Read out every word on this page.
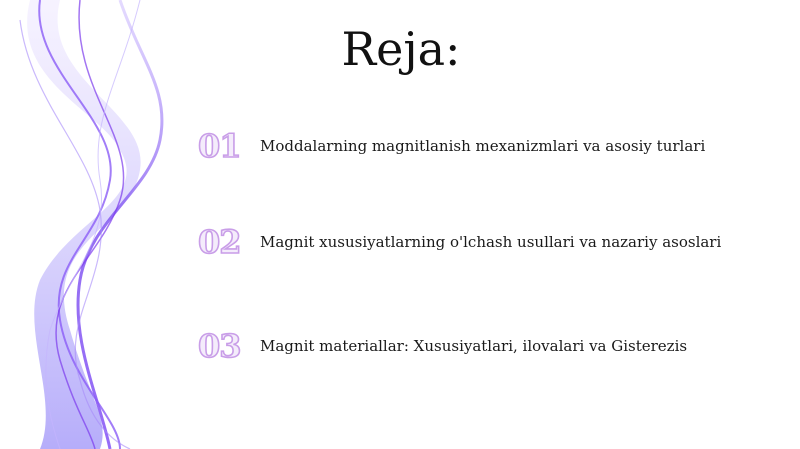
Reja:
01	Moddalarning magnitlanish mexanizmlari va asosiy turlari
02	Magnit xususiyatlarning o'lchash usullari va nazariy asoslari
03	Magnit materiallar: Xususiyatlari, ilovalari va Gisterezis
